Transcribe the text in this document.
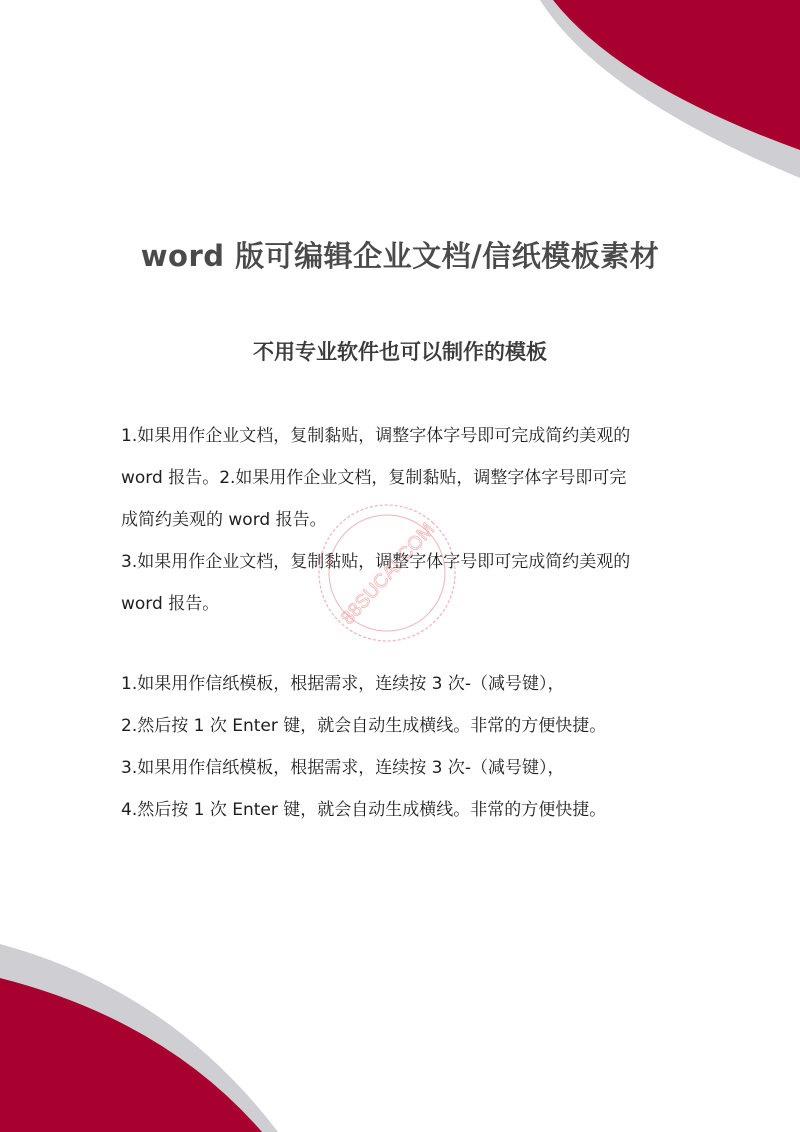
word 版可编辑企业文档/信纸模板素材
不用专业软件也可以制作的模板

1.如果用作企业文档，复制黏贴，调整字体字号即可完成简约美观的

word 报告。2.如果用作企业文档，复制黏贴，调整字体字号即可完

成简约美观的 word 报告。

3.如果用作企业文档，复制黏贴，调整字体字号即可完成简约美观的

word 报告。

1.如果用作信纸模板，根据需求，连续按 3 次-（减号键），

2.然后按 1 次 Enter 键，就会自动生成横线。非常的方便快捷。

3.如果用作信纸模板，根据需求，连续按 3 次-（减号键），

4.然后按 1 次 Enter 键，就会自动生成横线。非常的方便快捷。

88SUCAI.COM
